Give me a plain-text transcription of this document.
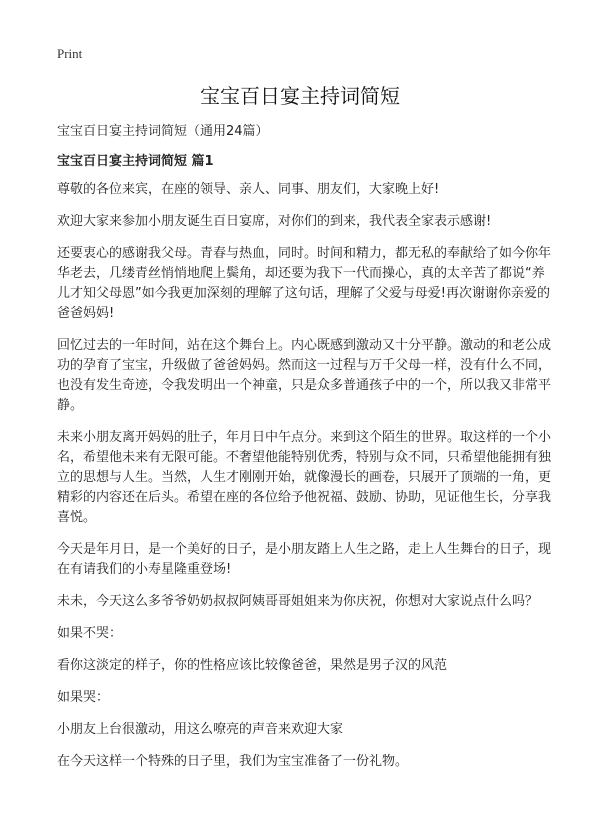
Print
宝宝百日宴主持词简短

宝宝百日宴主持词简短（通用24篇）

宝宝百日宴主持词简短 篇1

尊敬的各位来宾，在座的领导、亲人、同事、朋友们，大家晚上好!

欢迎大家来参加小朋友诞生百日宴席，对你们的到来，我代表全家表示感谢!

还要衷心的感谢我父母。青春与热血，同时。时间和精力，都无私的奉献给了如今你年华老去，几缕青丝悄悄地爬上鬓角，却还要为我下一代而操心，真的太辛苦了都说“养儿才知父母恩”如今我更加深刻的理解了这句话，理解了父爱与母爱!再次谢谢你亲爱的爸爸妈妈!

回忆过去的一年时间，站在这个舞台上。内心既感到激动又十分平静。激动的和老公成功的孕育了宝宝，升级做了爸爸妈妈。然而这一过程与万千父母一样，没有什么不同，也没有发生奇迹，令我发明出一个神童，只是众多普通孩子中的一个，所以我又非常平静。

未来小朋友离开妈妈的肚子，年月日中午点分。来到这个陌生的世界。取这样的一个小名，希望他未来有无限可能。不奢望他能特别优秀，特别与众不同，只希望他能拥有独立的思想与人生。当然，人生才刚刚开始，就像漫长的画卷，只展开了顶端的一角，更精彩的内容还在后头。希望在座的各位给予他祝福、鼓励、协助，见证他生长，分享我喜悦。

今天是年月日，是一个美好的日子，是小朋友踏上人生之路，走上人生舞台的日子，现在有请我们的小寿星隆重登场!

未未，今天这么多爷爷奶奶叔叔阿姨哥哥姐姐来为你庆祝，你想对大家说点什么吗？

如果不哭：

看你这淡定的样子，你的性格应该比较像爸爸，果然是男子汉的风范

如果哭：

小朋友上台很激动，用这么嘹亮的声音来欢迎大家

在今天这样一个特殊的日子里，我们为宝宝准备了一份礼物。
